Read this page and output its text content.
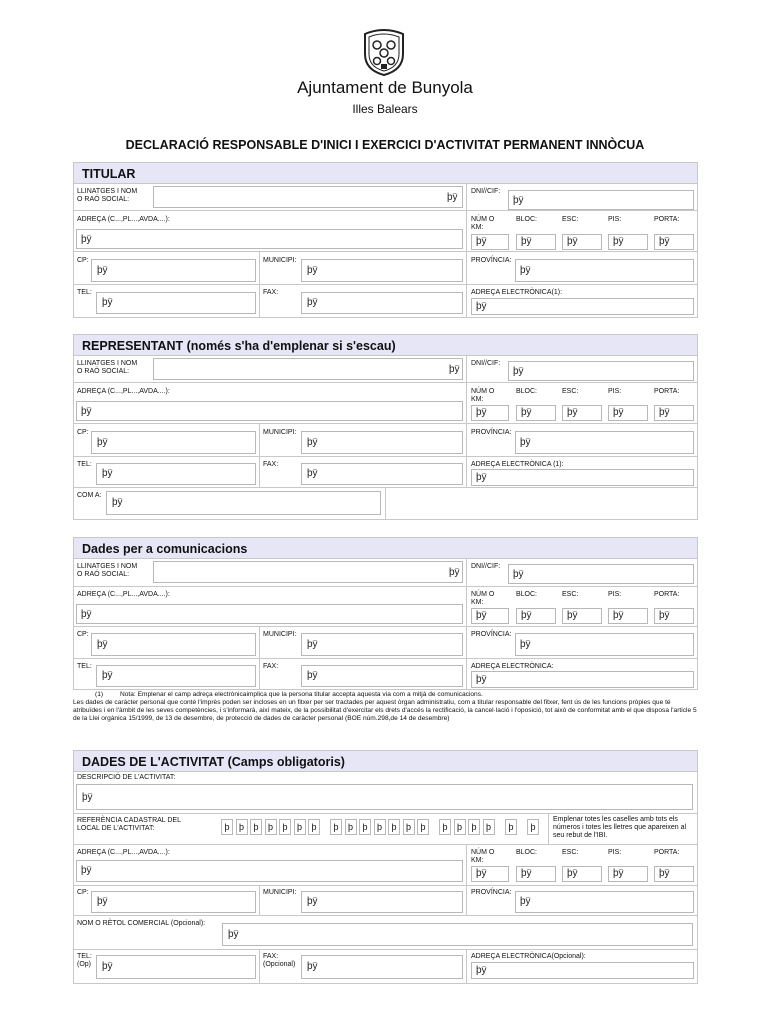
Ajuntament de Bunyola
Illes Balears
DECLARACIÓ RESPONSABLE D'INICI I EXERCICI D'ACTIVITAT PERMANENT INNÒCUA
TITULAR
LLINATGES I NOM
O RAÓ SOCIAL:	þÿ
DNI//CIF:
þÿ
ADREÇA (C...,PL...,AVDA....):
þÿ
NÚM O
KM:
BLOC:	ESC:	PIS:	PORTA:
þÿ	þÿ	þÿ	þÿ	þÿ
CP:
þÿ
MUNICIPI:
þÿ
PROVÍNCIA:
þÿ
TEL:
þÿ
FAX:
þÿ
ADREÇA ELECTRÒNICA(1):
þÿ
REPRESENTANT (només s'ha d'emplenar si s'escau)
LLINATGES I NOM
O RAÓ SOCIAL:	þÿ
DNI//CIF:
þÿ
ADREÇA (C...,PL...,AVDA....):
þÿ
NÚM O
KM:
BLOC:	ESC:	PIS:	PORTA:
þÿ	þÿ	þÿ	þÿ	þÿ
CP:
þÿ
MUNICIPI:
þÿ
PROVÍNCIA:
þÿ
TEL:
þÿ
FAX:
þÿ
ADREÇA ELECTRÒNICA (1):
þÿ
COM A:
þÿ
Dades per a comunicacions
LLINATGES I NOM
O RAÓ SOCIAL:	þÿ
DNI//CIF:
þÿ
ADREÇA (C...,PL...,AVDA....):
þÿ
NÚM O
KM:
BLOC:	ESC:	PIS:	PORTA:
þÿ	þÿ	þÿ	þÿ	þÿ
CP:
þÿ
MUNICIPI:
þÿ
PROVÍNCIA:
þÿ
TEL:
þÿ
FAX:
þÿ
ADREÇA ELECTRÒNICA:
þÿ
(1)	Nota: Emplenar el camp adreça electrònicaimplica que la persona titular accepta aquesta via com a mitjà de comunicacions.
Les dades de caràcter personal que conté l'imprès poden ser incloses en un fitxer per ser tractades per aquest òrgan administratiu, com a titular responsable del fitxer, fent ús de les funcions pròpies que té atribuïdes i en l'àmbit de les seves competències, i s'informarà, així mateix, de la possibilitat d'exercitar els drets d'accés la rectificació, la cancel·lació i l'oposició, tot això de conformitat amb el que disposa l'article 5 de la Llei orgànica 15/1999, de 13 de desembre, de protecció de dades de caràcter personal (BOE núm.298,de 14 de desembre)
DADES DE L'ACTIVITAT (Camps obligatoris)
DESCRIPCIÓ DE L'ACTIVITAT:
þÿ
REFERÈNCIA CADASTRAL DEL
LOCAL DE L'ACTIVITAT:	þ	þ	þ	þ	þ	þ	þ	þ	þ	þ	þ	þ	þ	þ	þ	þ	þ	þ	þ	þ
Emplenar totes les caselles amb tots els números i totes les lletres que apareixen al seu rebut de l'IBI.
ADREÇA (C...,PL...,AVDA....):
þÿ
NÚM O
KM:
BLOC:	ESC:	PIS:	PORTA:
þÿ	þÿ	þÿ	þÿ	þÿ
CP:
þÿ
MUNICIPI:
þÿ
PROVÍNCIA:
þÿ
NOM O RÈTOL COMERCIAL (Opcional):
þÿ
TEL:
(Op) þÿ
FAX:
(Opcional) þÿ
ADREÇA ELECTRÒNICA(Opcional):
þÿ
